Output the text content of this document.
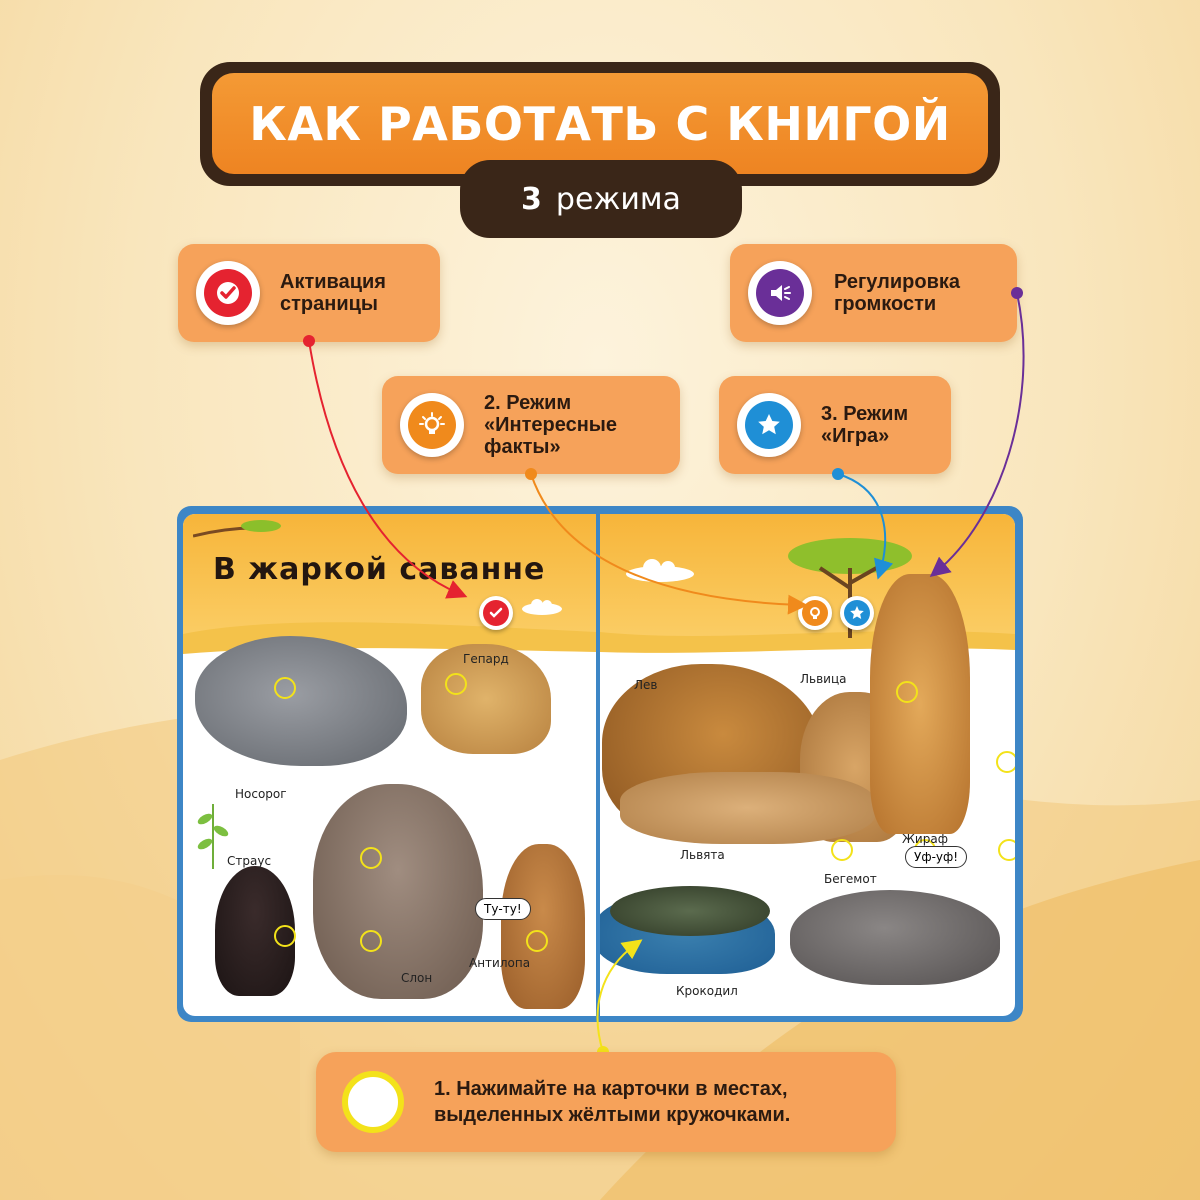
КАК РАБОТАТЬ С КНИГОЙ
3 режима
Активация
страницы
Регулировка
громкости
2. Режим
«Интересные
факты»
3. Режим
«Игра»
В жаркой саванне
Носорог
Гепард
Страус
Слон
Антилопа
Ту-ту!
Лев	Львица
Львята
Жираф
Крокодил
Бегемот
Уф-уф!
1. Нажимайте на карточки в местах,
выделенных жёлтыми кружочками.
